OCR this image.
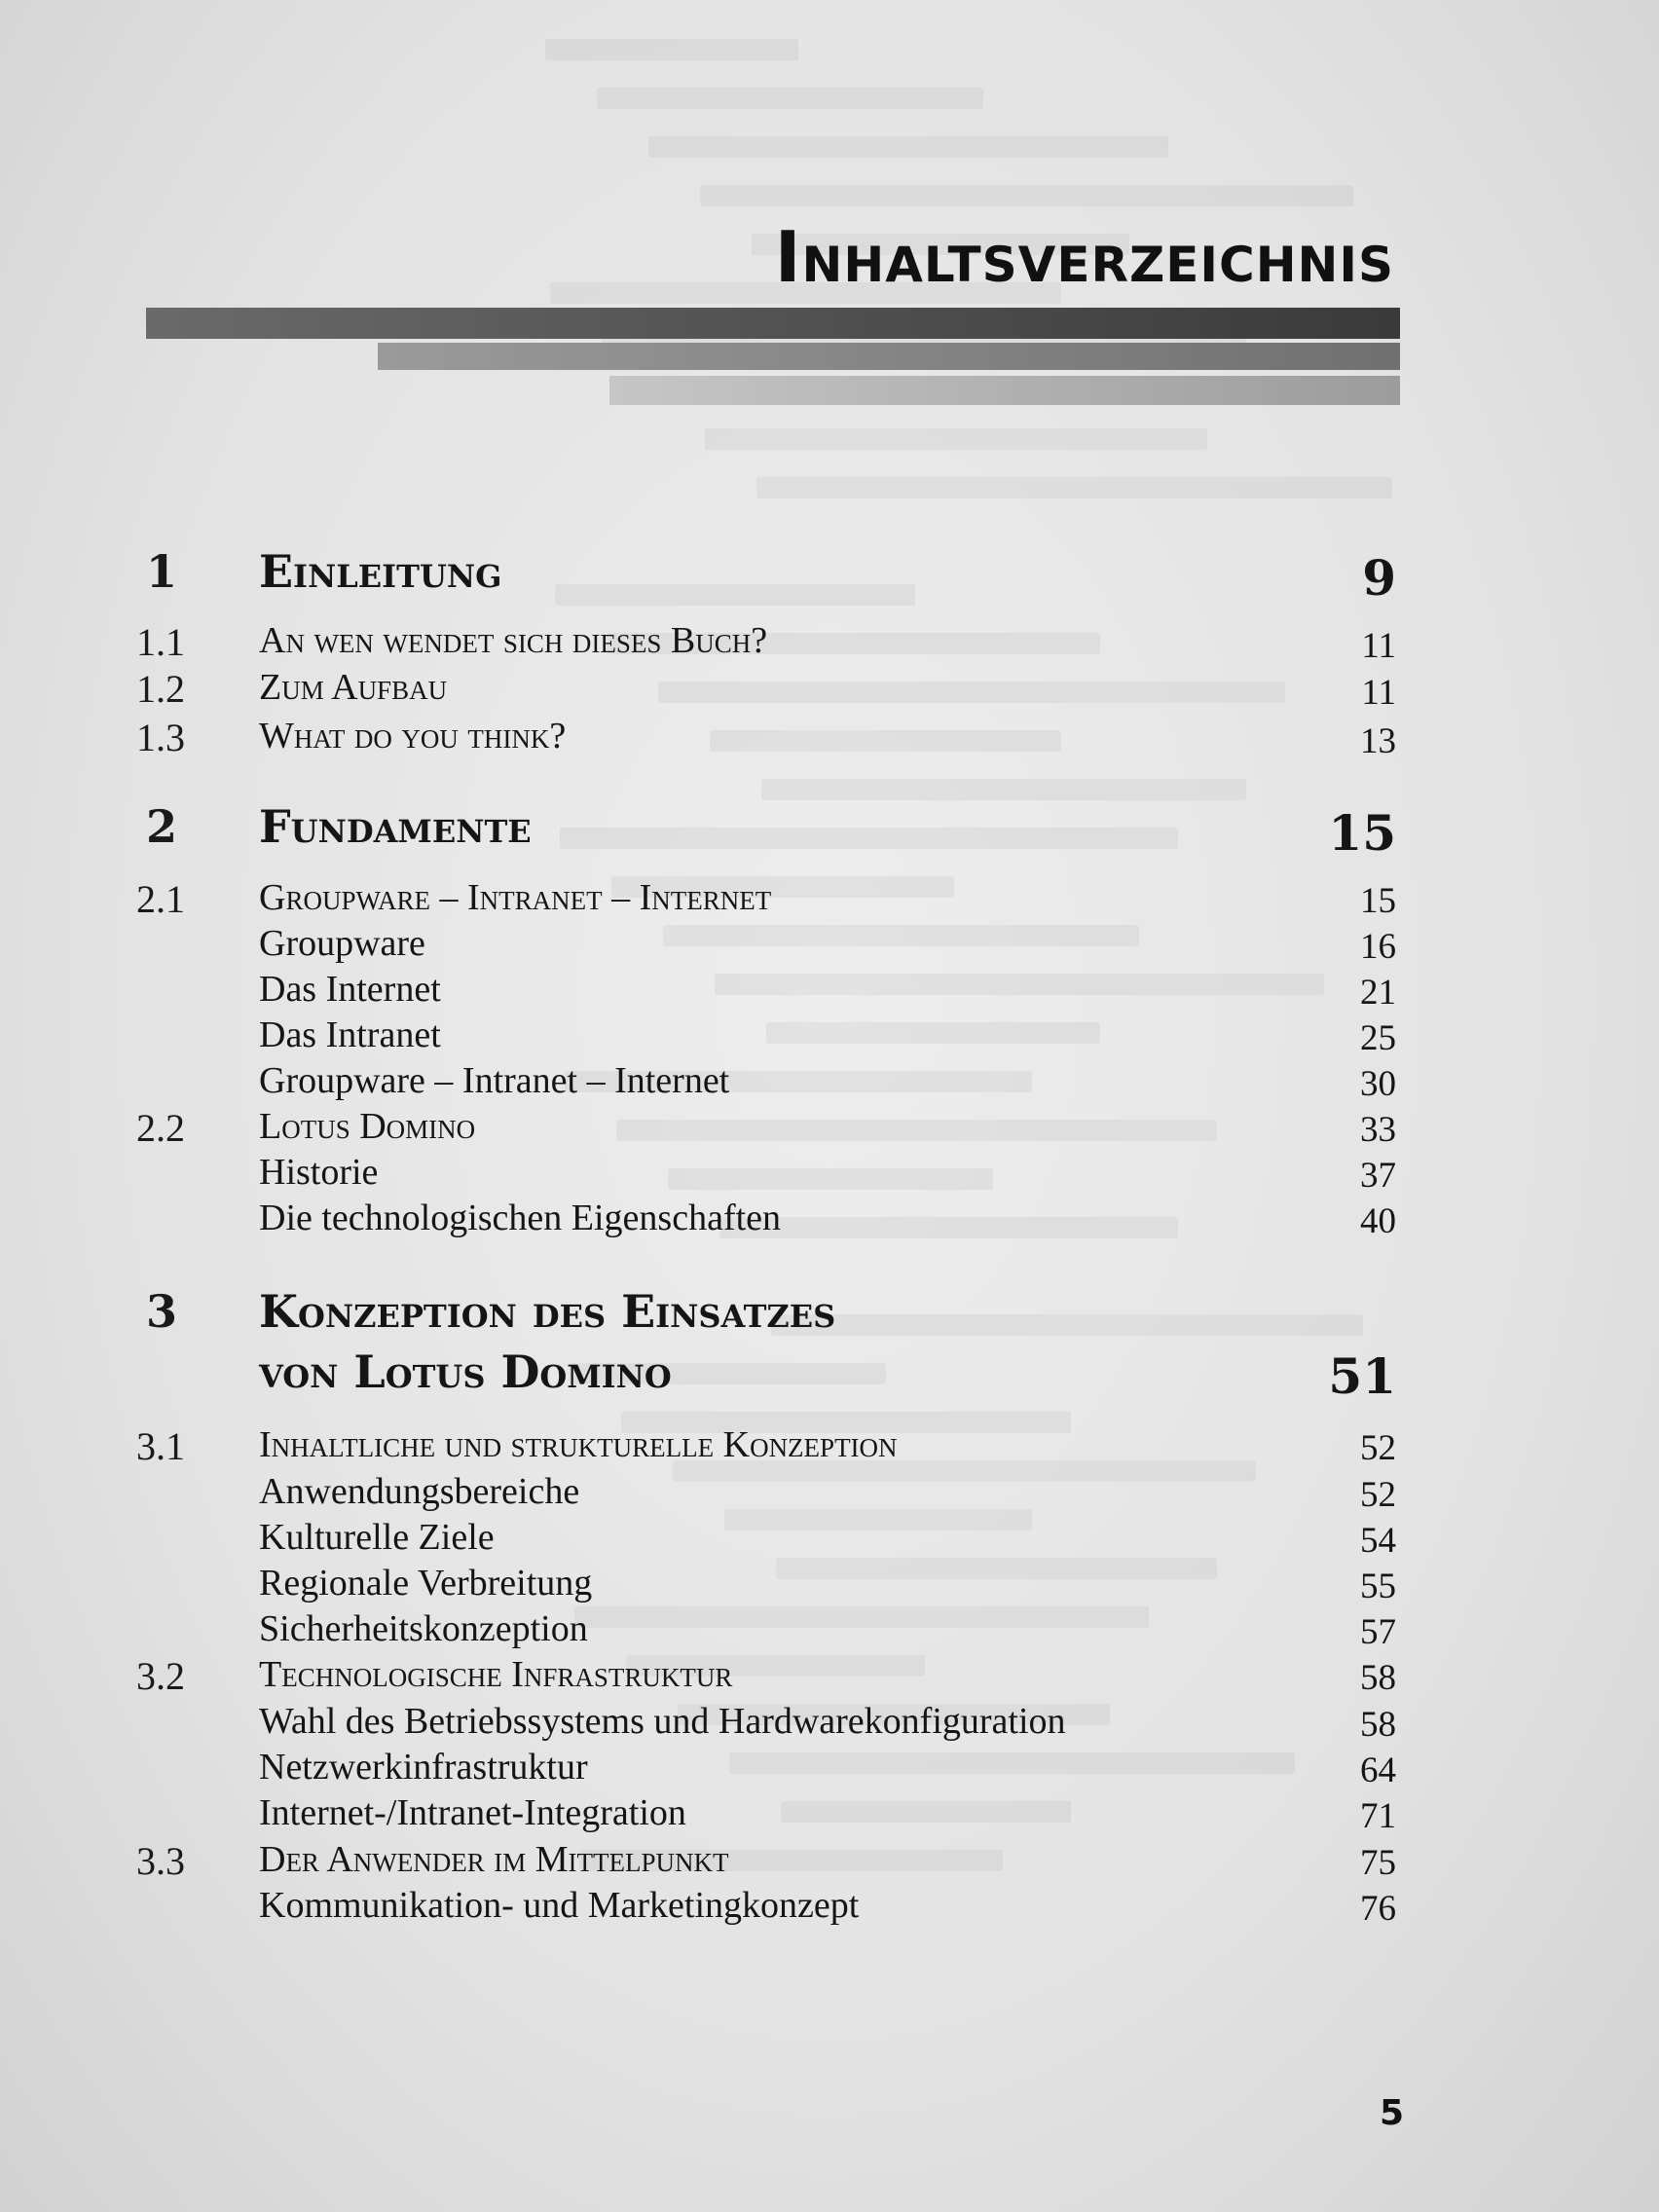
Inhaltsverzeichnis
1 Einleitung	9
1.1 An wen wendet sich dieses Buch?	11
1.2 Zum Aufbau	11
1.3 What do you think?	13
2 Fundamente	15
2.1 Groupware – Intranet – Internet	15
Groupware	16
Das Internet	21
Das Intranet	25
Groupware – Intranet – Internet	30
2.2 Lotus Domino	33
Historie	37
Die technologischen Eigenschaften	40
3 Konzeption des Einsatzes
von Lotus Domino	51
3.1 Inhaltliche und strukturelle Konzeption	52
Anwendungsbereiche	52
Kulturelle Ziele	54
Regionale Verbreitung	55
Sicherheitskonzeption	57
3.2 Technologische Infrastruktur	58
Wahl des Betriebssystems und Hardwarekonfiguration	58
Netzwerkinfrastruktur	64
Internet-/Intranet-Integration	71
3.3 Der Anwender im Mittelpunkt	75
Kommunikation- und Marketingkonzept	76
5
